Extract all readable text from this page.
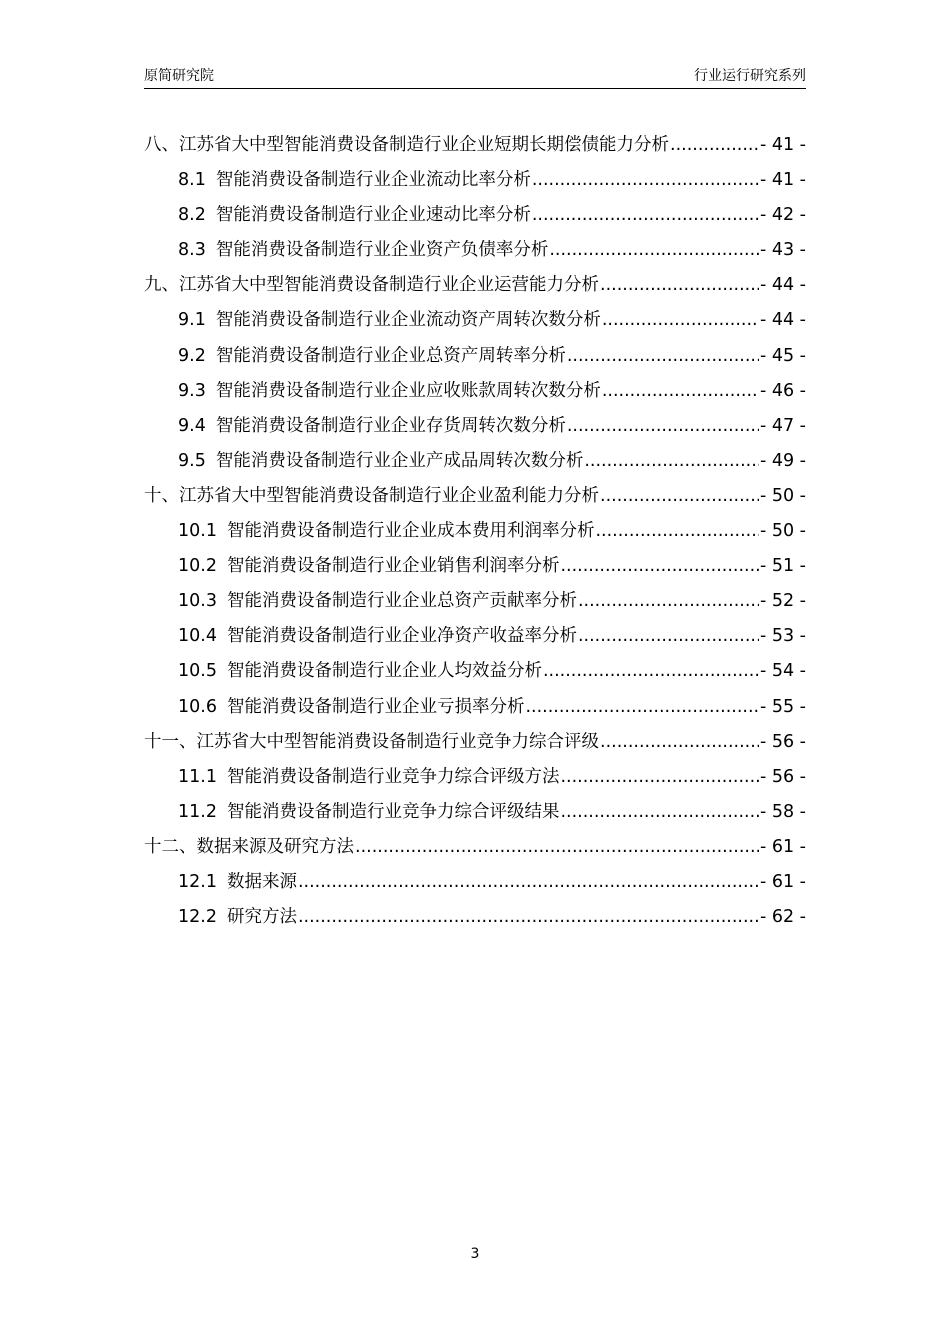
原简研究院	行业运行研究系列
八、江苏省大中型智能消费设备制造行业企业短期长期偿债能力分析 .....	- 41 -
8.1 智能消费设备制造行业企业流动比率分析 .....	- 41 -
8.2 智能消费设备制造行业企业速动比率分析 .....	- 42 -
8.3 智能消费设备制造行业企业资产负债率分析 .....	- 43 -
九、江苏省大中型智能消费设备制造行业企业运营能力分析 .....	- 44 -
9.1 智能消费设备制造行业企业流动资产周转次数分析 .....	- 44 -
9.2 智能消费设备制造行业企业总资产周转率分析 .....	- 45 -
9.3 智能消费设备制造行业企业应收账款周转次数分析 .....	- 46 -
9.4 智能消费设备制造行业企业存货周转次数分析 .....	- 47 -
9.5 智能消费设备制造行业企业产成品周转次数分析 .....	- 49 -
十、江苏省大中型智能消费设备制造行业企业盈利能力分析 .....	- 50 -
10.1 智能消费设备制造行业企业成本费用利润率分析 .....	- 50 -
10.2 智能消费设备制造行业企业销售利润率分析 .....	- 51 -
10.3 智能消费设备制造行业企业总资产贡献率分析 .....	- 52 -
10.4 智能消费设备制造行业企业净资产收益率分析 .....	- 53 -
10.5 智能消费设备制造行业企业人均效益分析 .....	- 54 -
10.6 智能消费设备制造行业企业亏损率分析 .....	- 55 -
十一、江苏省大中型智能消费设备制造行业竞争力综合评级 .....	- 56 -
11.1 智能消费设备制造行业竞争力综合评级方法 .....	- 56 -
11.2 智能消费设备制造行业竞争力综合评级结果 .....	- 58 -
十二、数据来源及研究方法 .....	- 61 -
12.1 数据来源 .....	- 61 -
12.2 研究方法 .....	- 62 -
3
